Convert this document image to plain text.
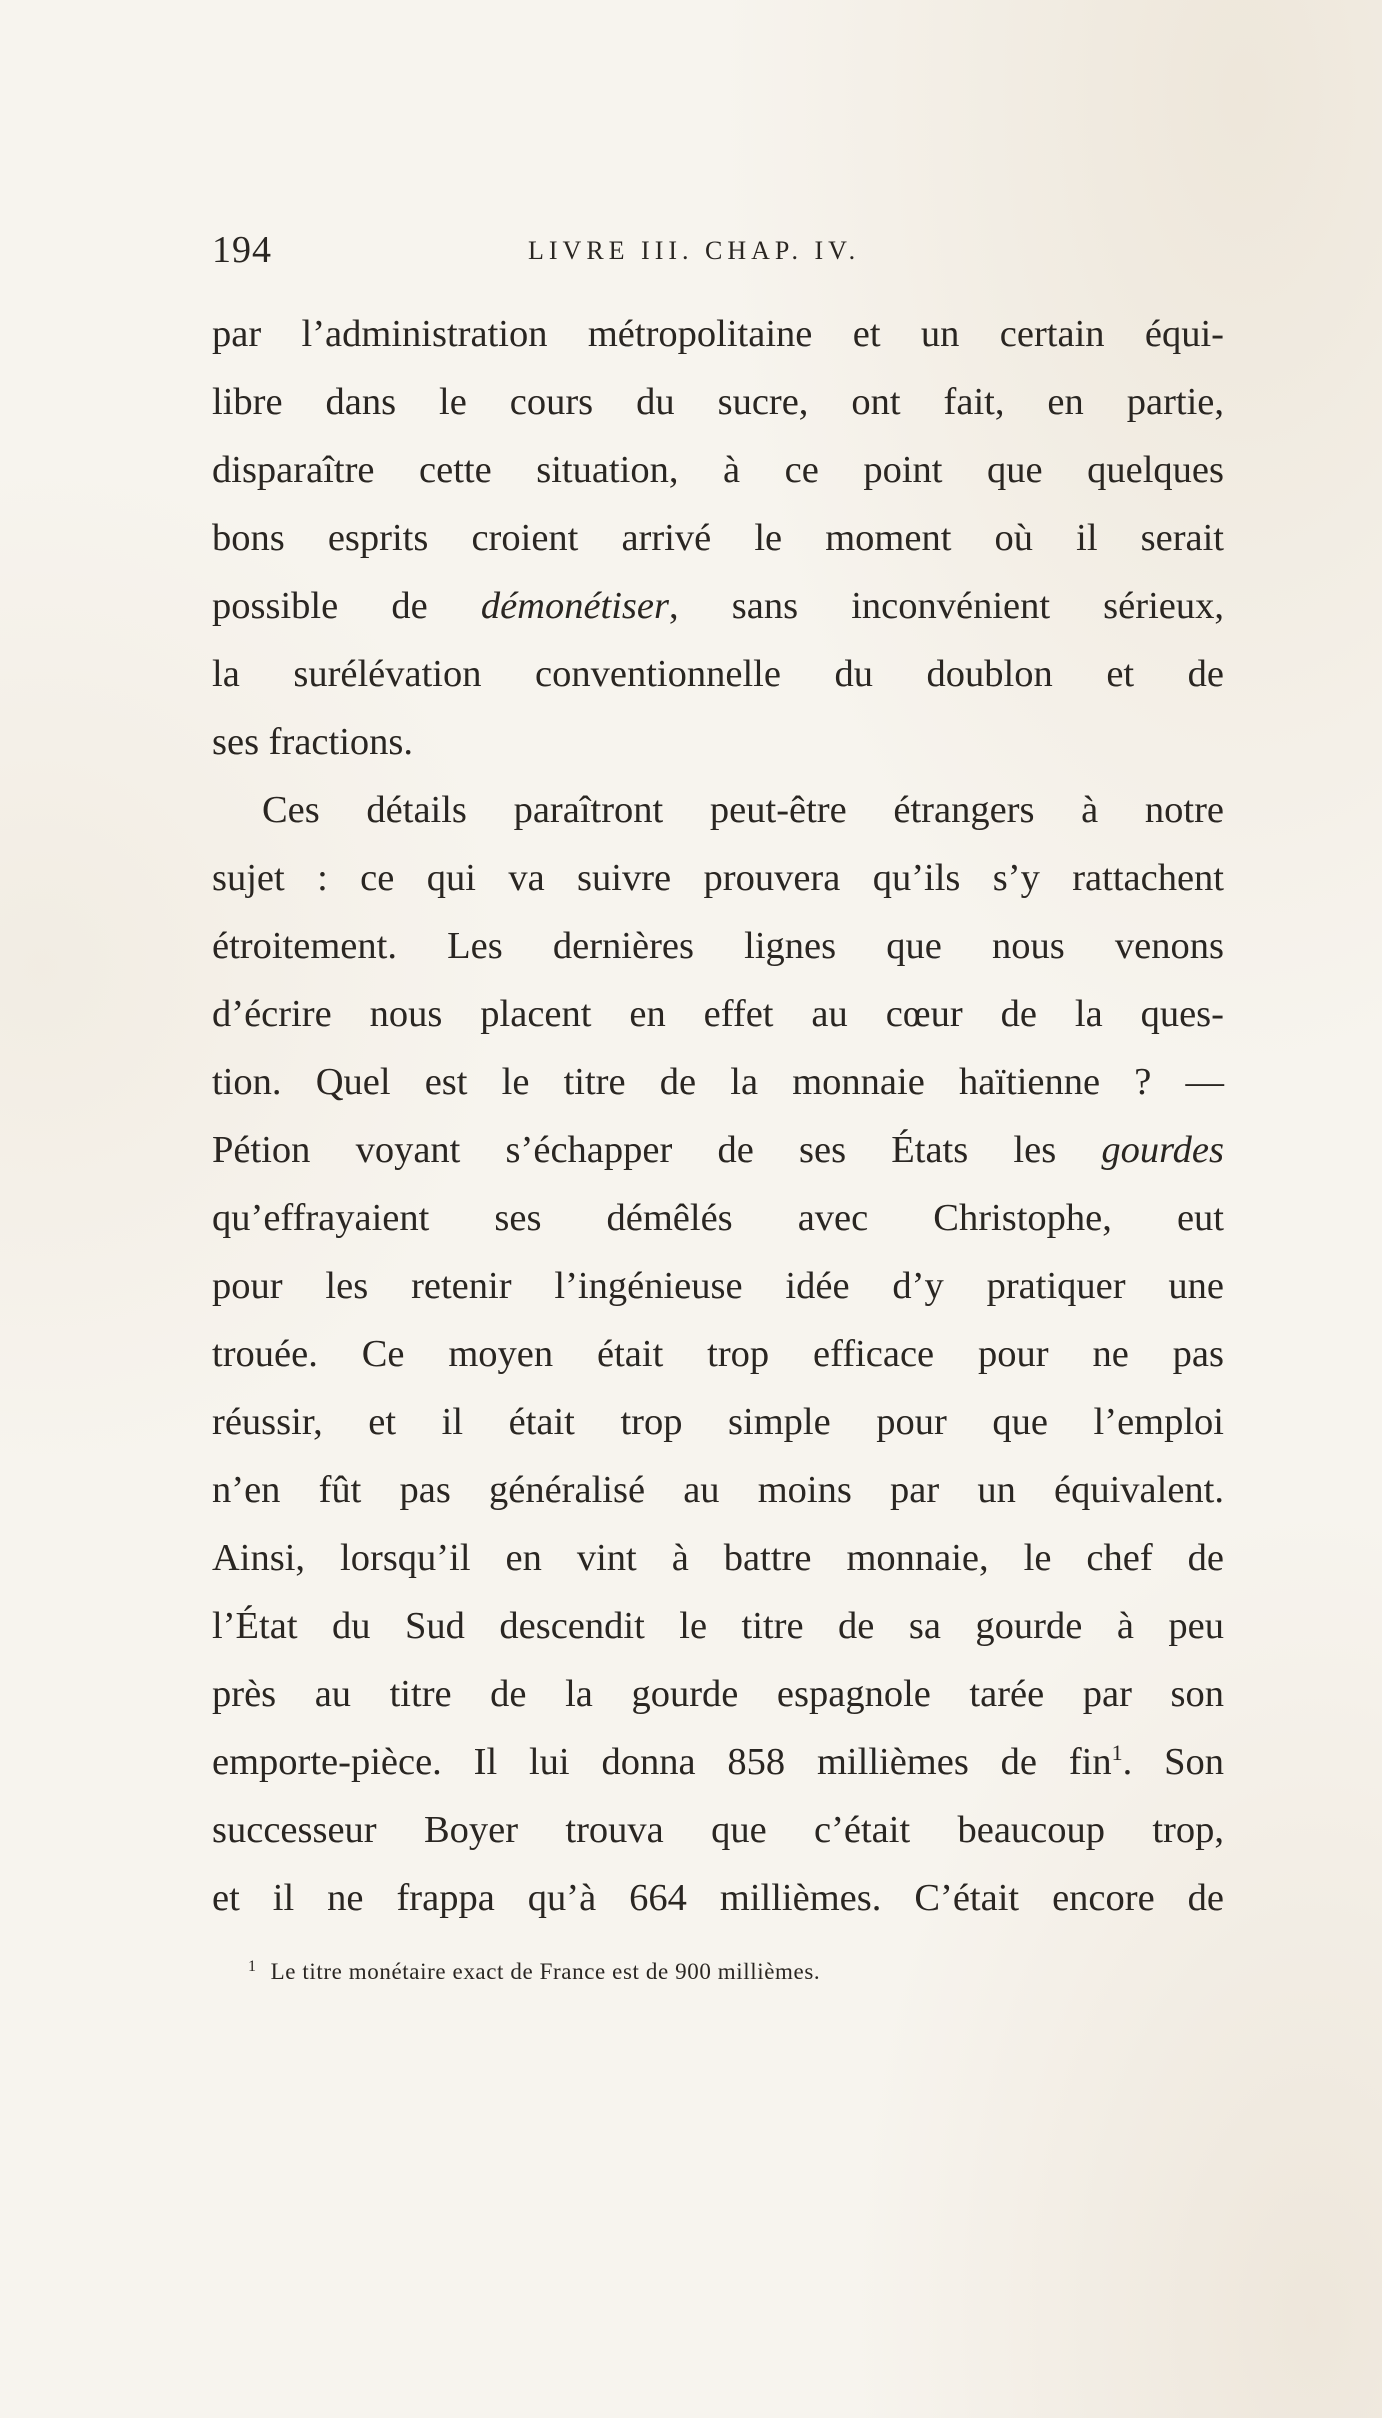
194	LIVRE III. CHAP. IV.
par l’administration métropolitaine et un certain équi-
libre dans le cours du sucre, ont fait, en partie,
disparaître cette situation, à ce point que quelques
bons esprits croient arrivé le moment où il serait
possible de démonétiser, sans inconvénient sérieux,
la surélévation conventionnelle du doublon et de
ses fractions.
Ces détails paraîtront peut-être étrangers à notre
sujet : ce qui va suivre prouvera qu’ils s’y rattachent
étroitement. Les dernières lignes que nous venons
d’écrire nous placent en effet au cœur de la ques-
tion. Quel est le titre de la monnaie haïtienne ? —
Pétion voyant s’échapper de ses États les gourdes
qu’effrayaient ses démêlés avec Christophe, eut
pour les retenir l’ingénieuse idée d’y pratiquer une
trouée. Ce moyen était trop efficace pour ne pas
réussir, et il était trop simple pour que l’emploi
n’en fût pas généralisé au moins par un équivalent.
Ainsi, lorsqu’il en vint à battre monnaie, le chef de
l’État du Sud descendit le titre de sa gourde à peu
près au titre de la gourde espagnole tarée par son
emporte-pièce. Il lui donna 858 millièmes de fin$^1$. Son
successeur Boyer trouva que c’était beaucoup trop,
et il ne frappa qu’à 664 millièmes. C’était encore de
$^1$ Le titre monétaire exact de France est de 900 millièmes.
